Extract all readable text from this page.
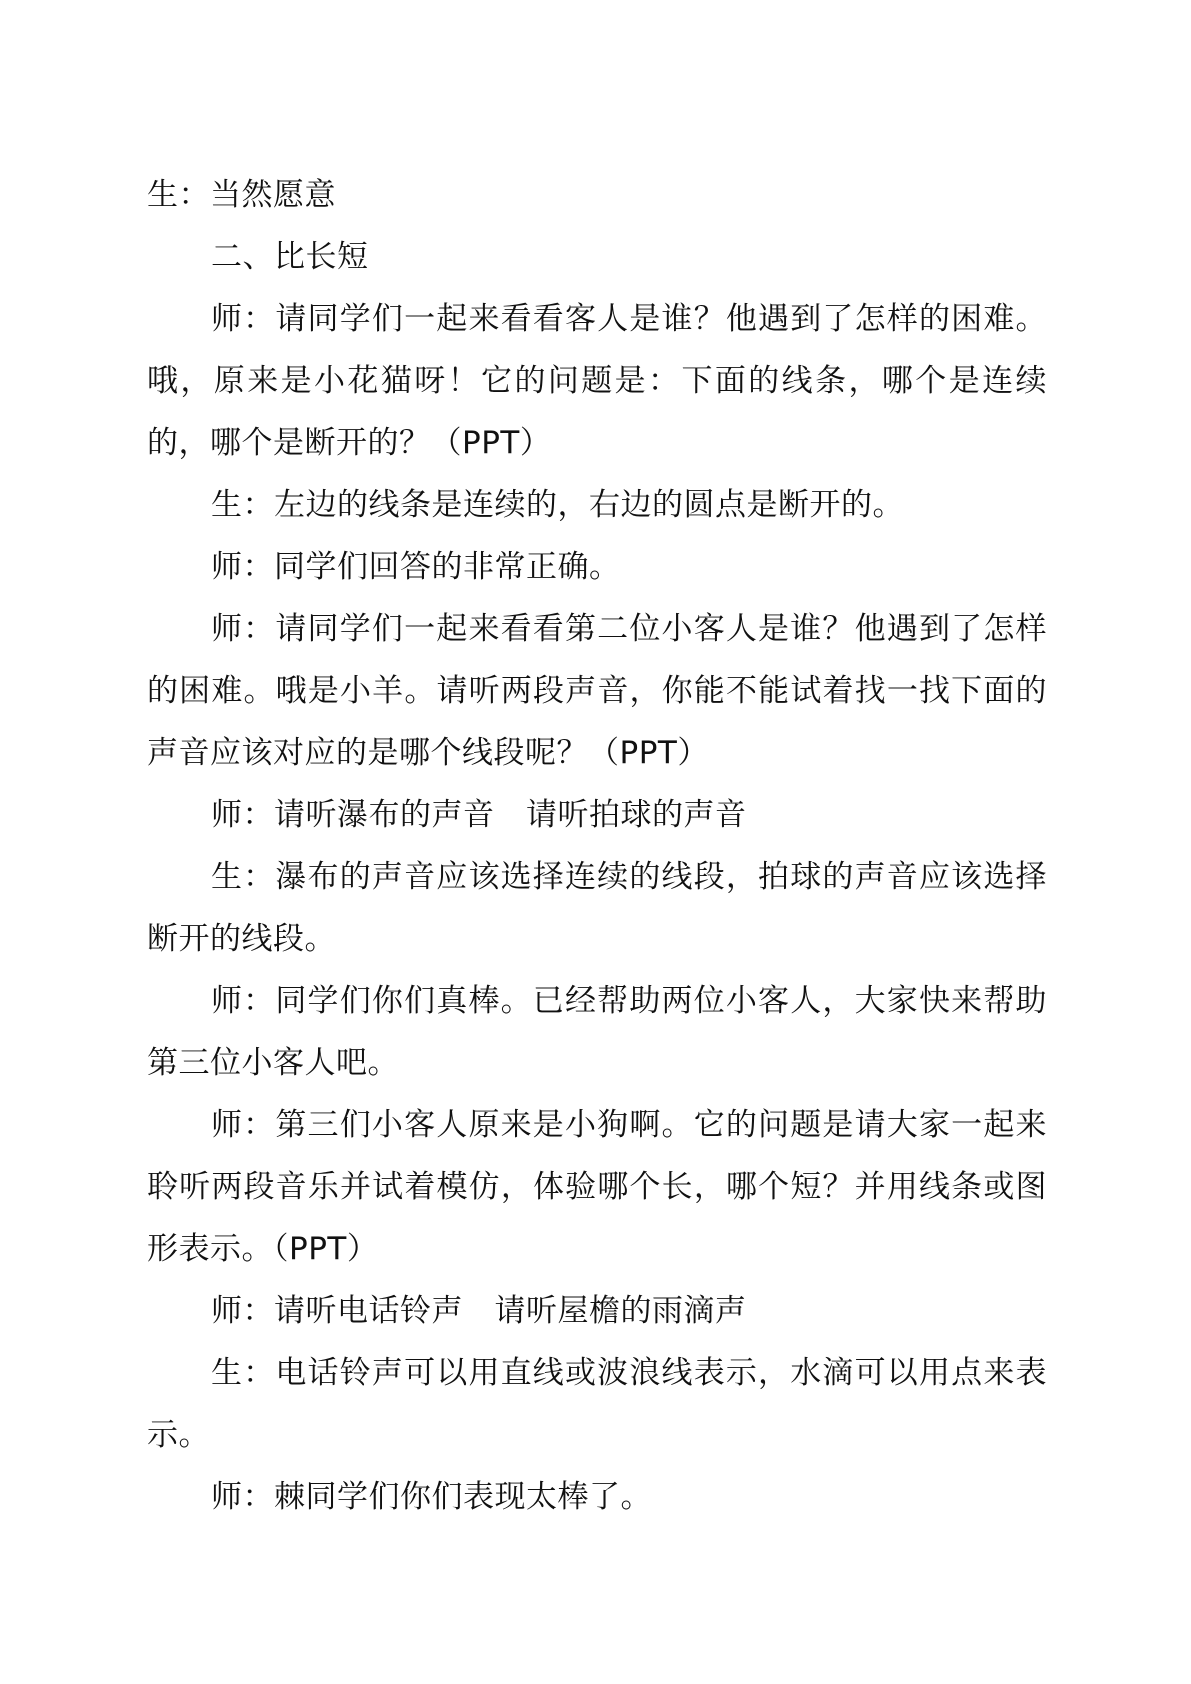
生：当然愿意

二、比长短

师：请同学们一起来看看客人是谁？他遇到了怎样的困难。哦，原来是小花猫呀！它的问题是：下面的线条，哪个是连续的，哪个是断开的？（PPT）

生：左边的线条是连续的，右边的圆点是断开的。

师：同学们回答的非常正确。

师：请同学们一起来看看第二位小客人是谁？他遇到了怎样的困难。哦是小羊。请听两段声音，你能不能试着找一找下面的声音应该对应的是哪个线段呢？（PPT）

师：请听瀑布的声音　请听拍球的声音

生：瀑布的声音应该选择连续的线段，拍球的声音应该选择断开的线段。

师：同学们你们真棒。已经帮助两位小客人，大家快来帮助第三位小客人吧。

师：第三们小客人原来是小狗啊。它的问题是请大家一起来聆听两段音乐并试着模仿，体验哪个长，哪个短？并用线条或图形表示。（PPT）

师：请听电话铃声　请听屋檐的雨滴声

生：电话铃声可以用直线或波浪线表示，水滴可以用点来表示。

师：棘同学们你们表现太棒了。
